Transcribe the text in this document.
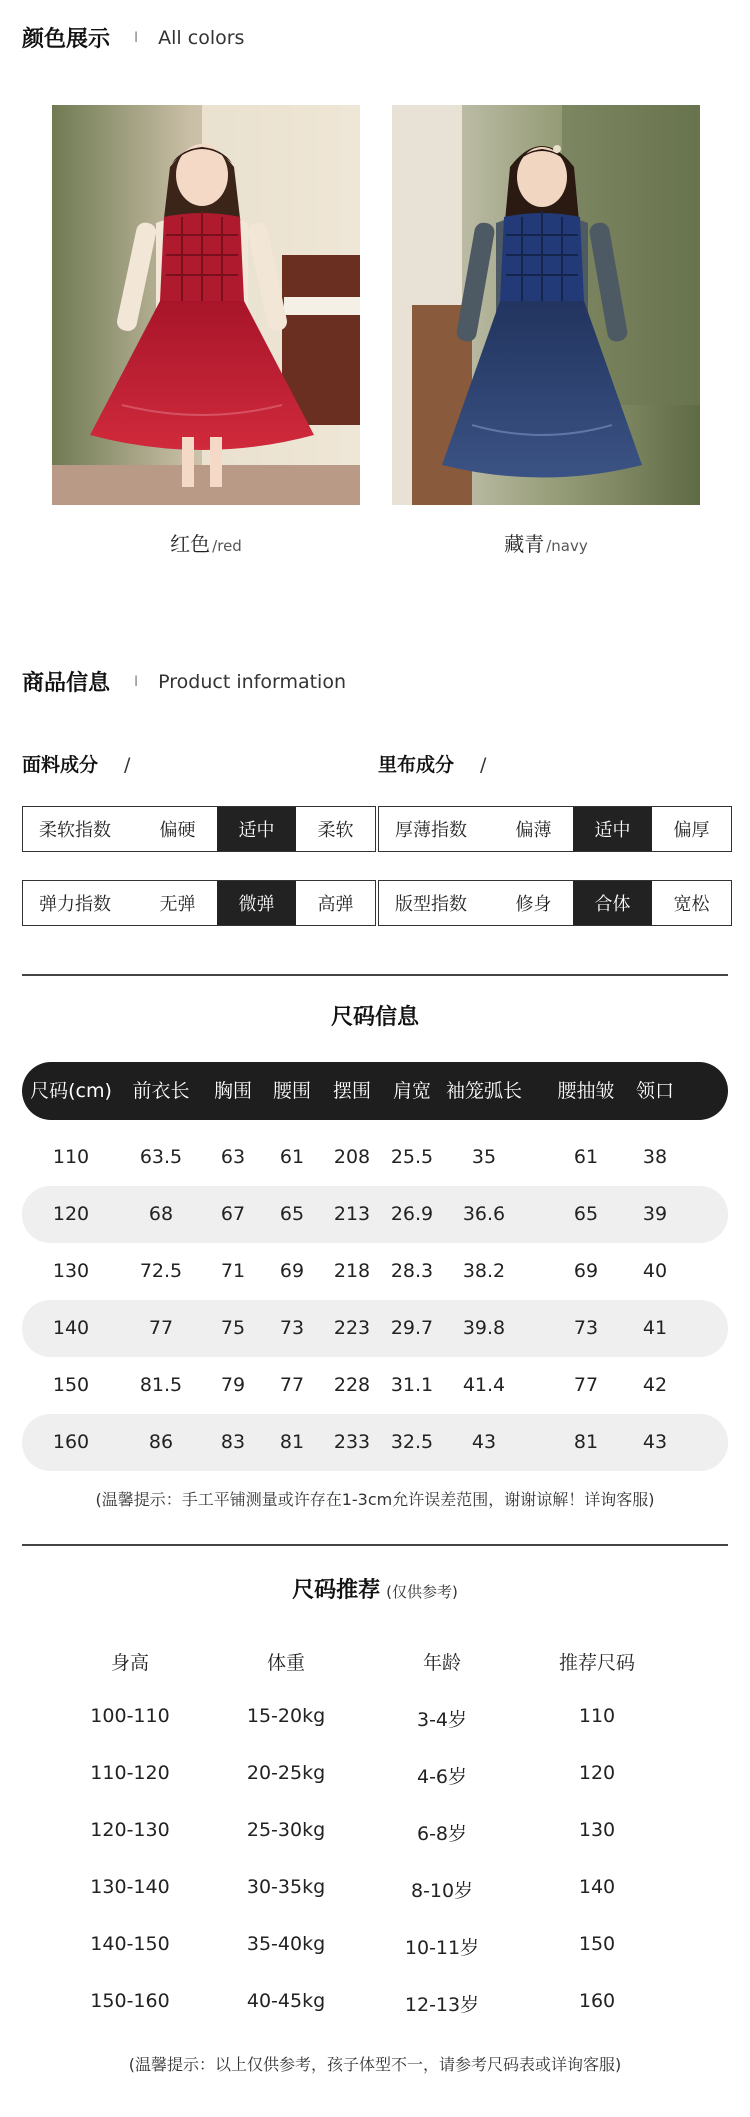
颜色展示 I All colors
红色 /red	藏青 /navy
商品信息 I Product information
面料成分 /	里布成分 /
柔软指数	偏硬	适中	柔软	厚薄指数	偏薄	适中	偏厚
弹力指数	无弹	微弹	高弹	版型指数	修身	合体	宽松
尺码信息
尺码(cm) 前衣长 胸围 腰围 摆围 肩宽 袖笼弧长 腰抽皱 领口
110	63.5 63 61 208 25.5 35	61 38
120	68	67 65 213 26.9 36.6	65 39
130	72.5 71 69 218 28.3 38.2	69 40
140	77	75 73 223 29.7 39.8	73 41
150	81.5 79 77 228 31.1 41.4	77 42
160	86	83 81 233 32.5 43	81 43
(温馨提示：手工平铺测量或许存在1-3cm允许误差范围，谢谢谅解！详询客服)
尺码推荐 (仅供参考)
身高	体重	年龄	推荐尺码
100-110	15-20kg	3-4岁	110
110-120	20-25kg	4-6岁	120
120-130	25-30kg	6-8岁	130
130-140	30-35kg	8-10岁	140
140-150	35-40kg	10-11岁	150
150-160	40-45kg	12-13岁	160
(温馨提示：以上仅供参考，孩子体型不一，请参考尺码表或详询客服)
